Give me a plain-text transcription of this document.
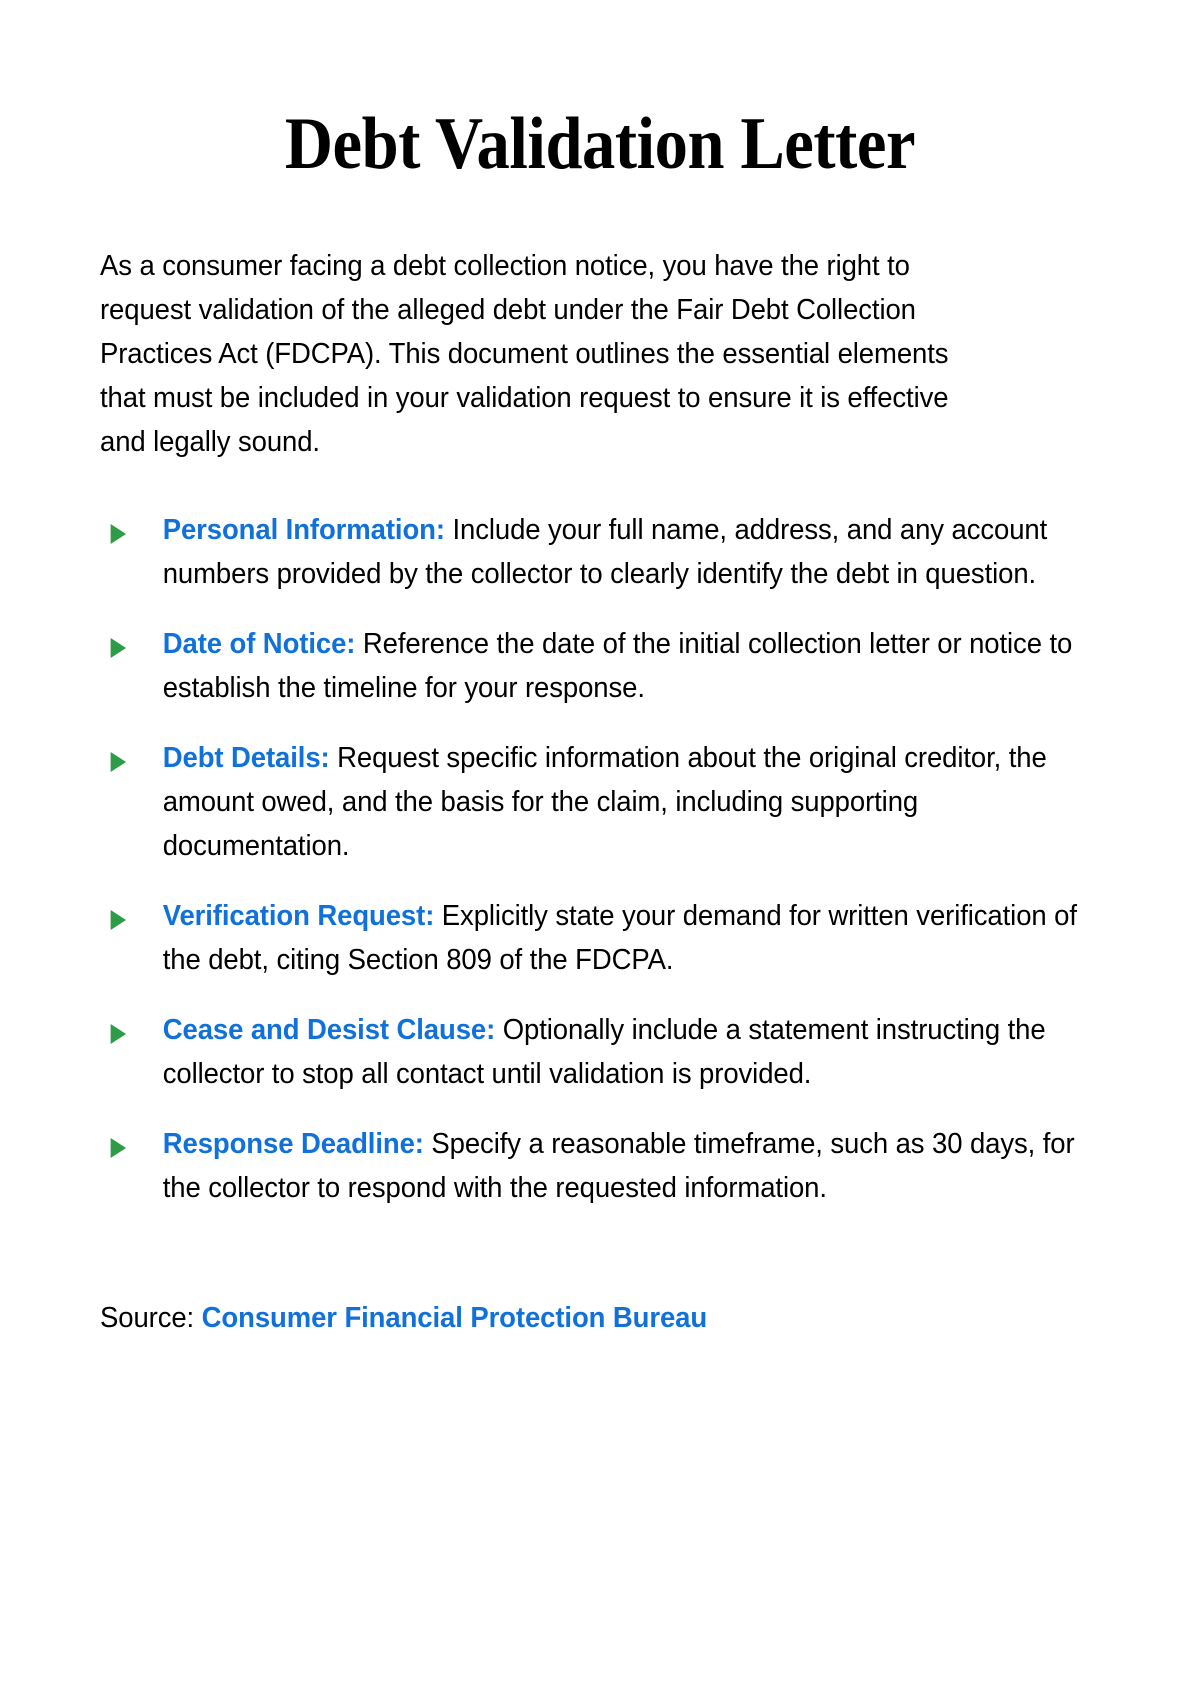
Debt Validation Letter

As a consumer facing a debt collection notice, you have the right to request validation of the alleged debt under the Fair Debt Collection Practices Act (FDCPA). This document outlines the essential elements that must be included in your validation request to ensure it is effective and legally sound.

Personal Information: Include your full name, address, and any account numbers provided by the collector to clearly identify the debt in question.
Date of Notice: Reference the date of the initial collection letter or notice to establish the timeline for your response.
Debt Details: Request specific information about the original creditor, the amount owed, and the basis for the claim, including supporting documentation.
Verification Request: Explicitly state your demand for written verification of the debt, citing Section 809 of the FDCPA.
Cease and Desist Clause: Optionally include a statement instructing the collector to stop all contact until validation is provided.
Response Deadline: Specify a reasonable timeframe, such as 30 days, for the collector to respond with the requested information.

Source: Consumer Financial Protection Bureau
